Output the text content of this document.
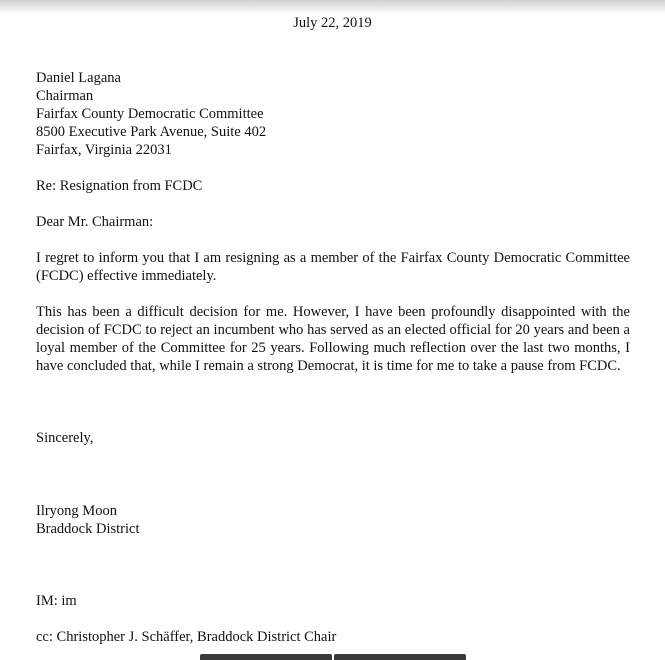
July 22, 2019
Daniel Lagana
Chairman
Fairfax County Democratic Committee
8500 Executive Park Avenue, Suite 402
Fairfax, Virginia 22031
Re: Resignation from FCDC
Dear Mr. Chairman:
I regret to inform you that I am resigning as a member of the Fairfax County Democratic Committee (FCDC) effective immediately.
This has been a difficult decision for me. However, I have been profoundly disappointed with the decision of FCDC to reject an incumbent who has served as an elected official for 20 years and been a loyal member of the Committee for 25 years. Following much reflection over the last two months, I have concluded that, while I remain a strong Democrat, it is time for me to take a pause from FCDC.
Sincerely,
Ilryong Moon
Braddock District
IM: im
cc: Christopher J. Schäffer, Braddock District Chair
